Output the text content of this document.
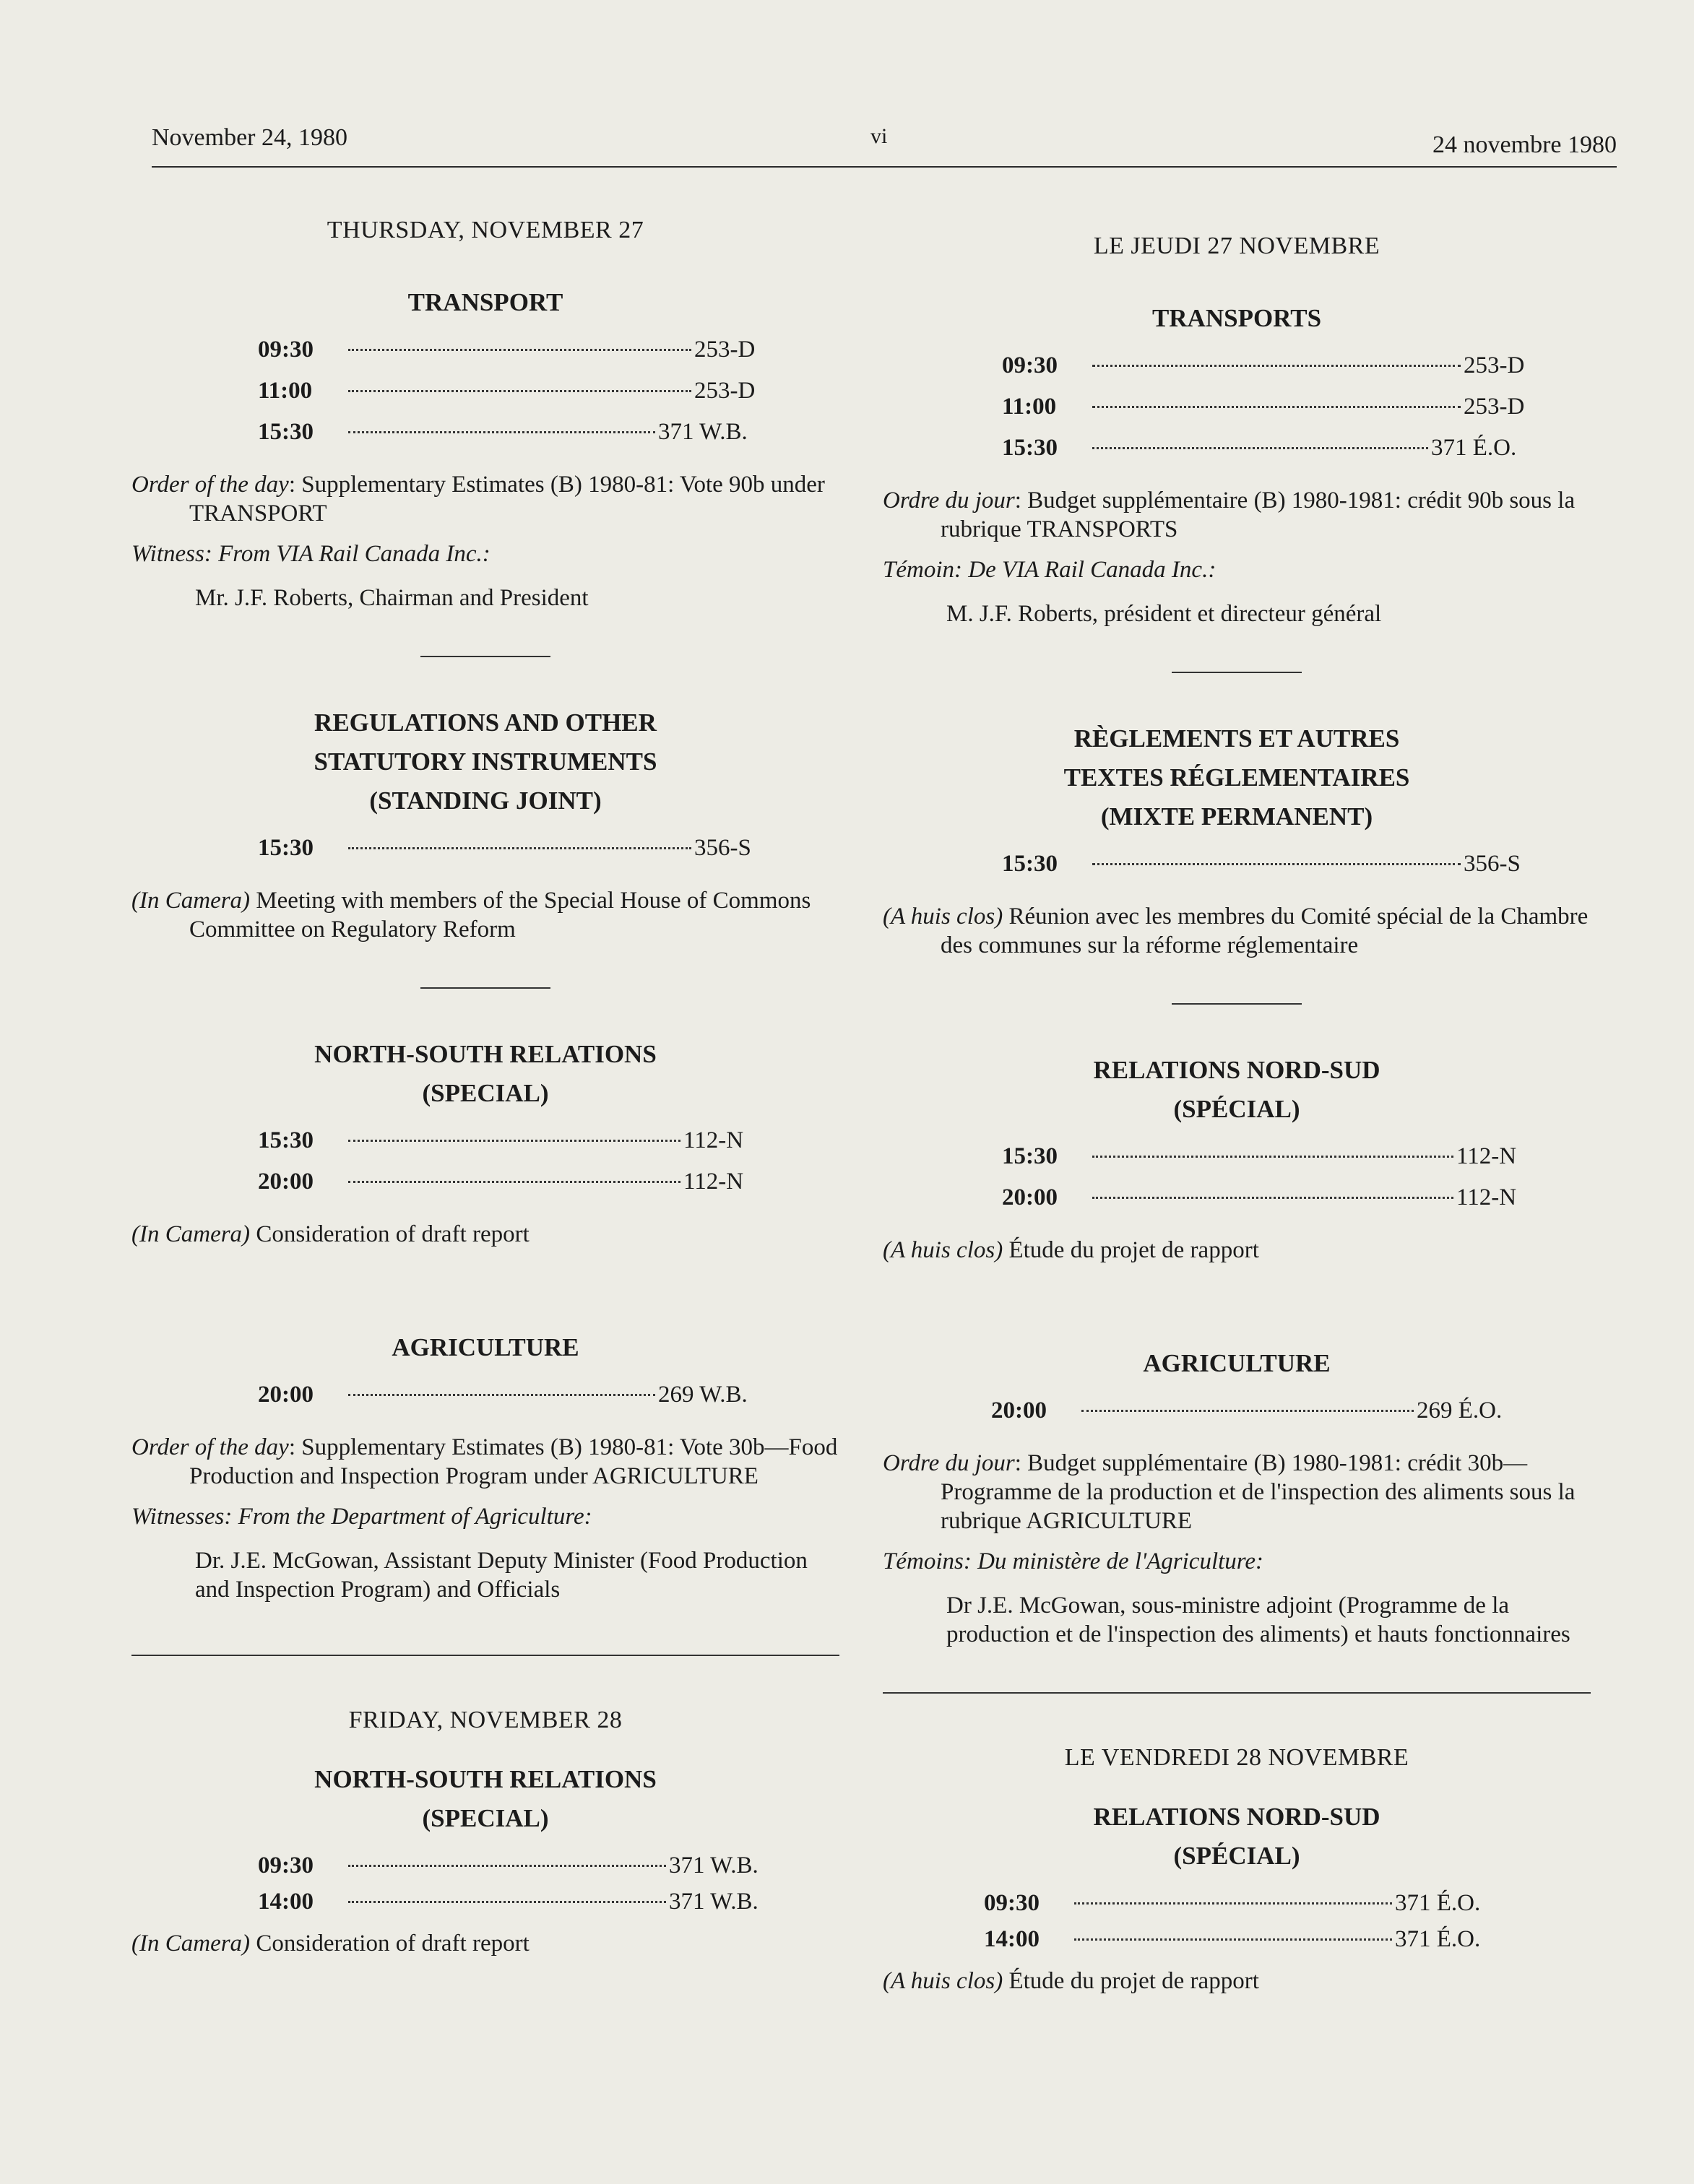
November 24, 1980	vi	24 novembre 1980
THURSDAY, NOVEMBER 27
TRANSPORT
09:30	253-D
11:00	253-D
15:30	371 W.B.
Order of the day: Supplementary Estimates (B) 1980-81: Vote 90b under TRANSPORT
Witness: From VIA Rail Canada Inc.:
Mr. J.F. Roberts, Chairman and President
REGULATIONS AND OTHER
STATUTORY INSTRUMENTS
(STANDING JOINT)
15:30	356-S
(In Camera) Meeting with members of the Special House of Commons Committee on Regulatory Reform
NORTH-SOUTH RELATIONS
(SPECIAL)
15:30	112-N
20:00	112-N
(In Camera) Consideration of draft report
AGRICULTURE
20:00	269 W.B.
Order of the day: Supplementary Estimates (B) 1980-81: Vote 30b—Food Production and Inspection Program under AGRICULTURE
Witnesses: From the Department of Agriculture:
Dr. J.E. McGowan, Assistant Deputy Minister (Food Production and Inspection Program) and Officials
FRIDAY, NOVEMBER 28
NORTH-SOUTH RELATIONS
(SPECIAL)
09:30	371 W.B.
14:00	371 W.B.
(In Camera) Consideration of draft report
LE JEUDI 27 NOVEMBRE
TRANSPORTS
09:30	253-D
11:00	253-D
15:30	371 É.O.
Ordre du jour: Budget supplémentaire (B) 1980-1981: crédit 90b sous la rubrique TRANSPORTS
Témoin: De VIA Rail Canada Inc.:
M. J.F. Roberts, président et directeur général
RÈGLEMENTS ET AUTRES
TEXTES RÉGLEMENTAIRES
(MIXTE PERMANENT)
15:30	356-S
(A huis clos) Réunion avec les membres du Comité spécial de la Chambre des communes sur la réforme réglementaire
RELATIONS NORD-SUD
(SPÉCIAL)
15:30	112-N
20:00	112-N
(A huis clos) Étude du projet de rapport
AGRICULTURE
20:00	269 É.O.
Ordre du jour: Budget supplémentaire (B) 1980-1981: crédit 30b—Programme de la production et de l'inspection des aliments sous la rubrique AGRICULTURE
Témoins: Du ministère de l'Agriculture:
Dr J.E. McGowan, sous-ministre adjoint (Programme de la production et de l'inspection des aliments) et hauts fonctionnaires
LE VENDREDI 28 NOVEMBRE
RELATIONS NORD-SUD
(SPÉCIAL)
09:30	371 É.O.
14:00	371 É.O.
(A huis clos) Étude du projet de rapport
